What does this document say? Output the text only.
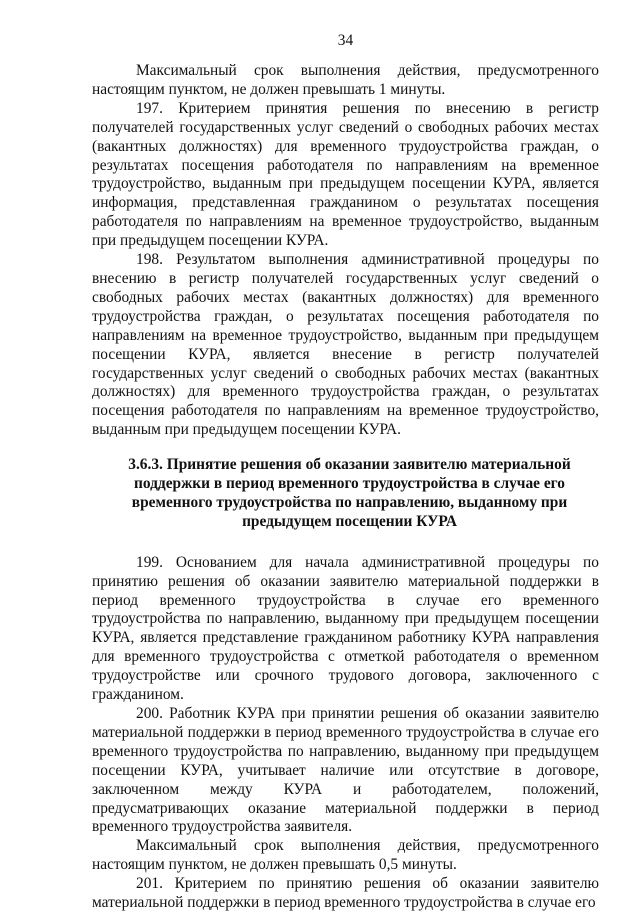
34

Максимальный срок выполнения действия, предусмотренного настоящим пунктом, не должен превышать 1 минуты.

197. Критерием принятия решения по внесению в регистр получателей государственных услуг сведений о свободных рабочих местах (вакантных должностях) для временного трудоустройства граждан, о результатах посещения работодателя по направлениям на временное трудоустройство, выданным при предыдущем посещении КУРА, является информация, представленная гражданином о результатах посещения работодателя по направлениям на временное трудоустройство, выданным при предыдущем посещении КУРА.

198. Результатом выполнения административной процедуры по внесению в регистр получателей государственных услуг сведений о свободных рабочих местах (вакантных должностях) для временного трудоустройства граждан, о результатах посещения работодателя по направлениям на временное трудоустройство, выданным при предыдущем посещении КУРА, является внесение в регистр получателей государственных услуг сведений о свободных рабочих местах (вакантных должностях) для временного трудоустройства граждан, о результатах посещения работодателя по направлениям на временное трудоустройство, выданным при предыдущем посещении КУРА.

3.6.3. Принятие решения об оказании заявителю материальной поддержки в период временного трудоустройства в случае его временного трудоустройства по направлению, выданному при предыдущем посещении КУРА

199. Основанием для начала административной процедуры по принятию решения об оказании заявителю материальной поддержки в период временного трудоустройства в случае его временного трудоустройства по направлению, выданному при предыдущем посещении КУРА, является представление гражданином работнику КУРА направления для временного трудоустройства с отметкой работодателя о временном трудоустройстве или срочного трудового договора, заключенного с гражданином.

200. Работник КУРА при принятии решения об оказании заявителю материальной поддержки в период временного трудоустройства в случае его временного трудоустройства по направлению, выданному при предыдущем посещении КУРА, учитывает наличие или отсутствие в договоре, заключенном между КУРА и работодателем, положений, предусматривающих оказание материальной поддержки в период временного трудоустройства заявителя.

Максимальный срок выполнения действия, предусмотренного настоящим пунктом, не должен превышать 0,5 минуты.

201. Критерием по принятию решения об оказании заявителю материальной поддержки в период временного трудоустройства в случае его
